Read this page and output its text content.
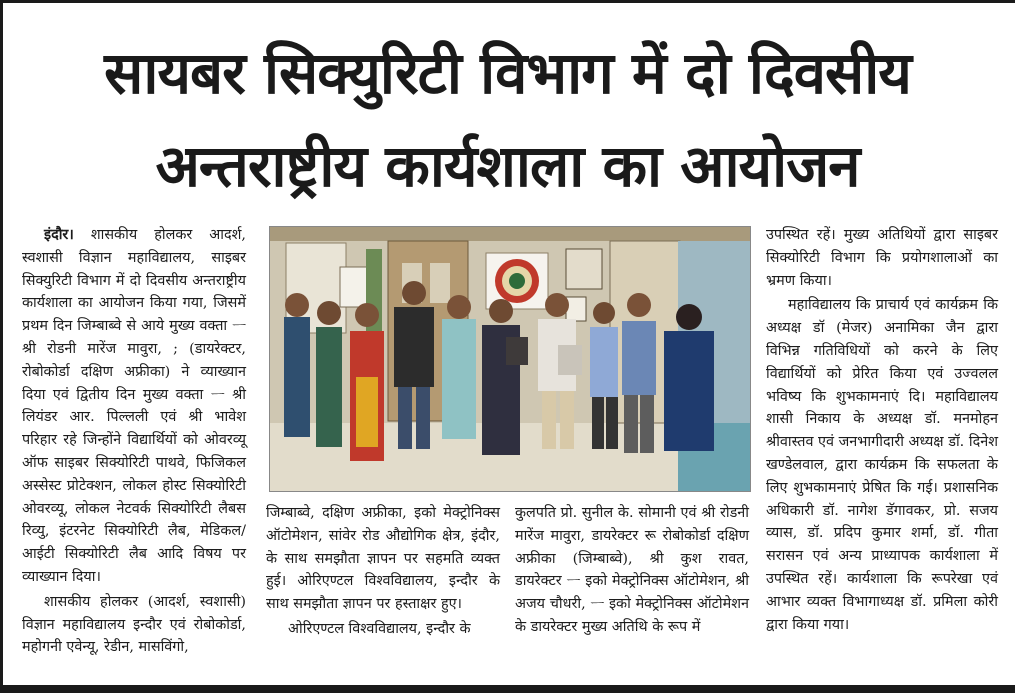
सायबर सिक्युरिटी विभाग में दो दिवसीय
अन्तराष्ट्रीय कार्यशाला का आयोजन

इंदौर। शासकीय होलकर आदर्श, स्वशासी विज्ञान महाविद्यालय, साइबर सिक्युरिटी विभाग में दो दिवसीय अन्तराष्ट्रीय कार्यशाला का आयोजन किया गया, जिसमें प्रथम दिन जिम्बाब्वे से आये मुख्य वक्ता ᅳ श्री रोडनी मारेंज मावुरा, ; (डायरेक्टर, रोबोकोर्डा दक्षिण अफ्रीका) ने व्याख्यान दिया एवं द्वितीय दिन मुख्य वक्ता ᅳ श्री लियंडर आर. पिल्लली एवं श्री भावेश परिहार रहे जिन्होंने विद्यार्थियों को ओवरव्यू ऑफ साइबर सिक्योरिटी पाथवे, फिजिकल अस्सेस्ट प्रोटेक्शन, लोकल होस्ट सिक्योरिटी ओवरव्यू, लोकल नेटवर्क सिक्योरिटी लैबस रिव्यु, इंटरनेट सिक्योरिटी लैब, मेडिकल/ आईटी सिक्योरिटी लैब आदि विषय पर व्याख्यान दिया।

शासकीय होलकर (आदर्श, स्वशासी) विज्ञान महाविद्यालय इन्दौर एवं रोबोकोर्डा, महोगनी एवेन्यू, रेडीन, मासविंगो,

जिम्बाब्वे, दक्षिण अफ्रीका, इको मेक्ट्रोनिक्स ऑटोमेशन, सांवेर रोड औद्योगिक क्षेत्र, इंदौर, के साथ समझौता ज्ञापन पर सहमति व्यक्त हुई। ओरिएण्टल विश्वविद्यालय, इन्दौर के साथ समझौता ज्ञापन पर हस्ताक्षर हुए।

ओरिएण्टल विश्वविद्यालय, इन्दौर के

कुलपति प्रो. सुनील के. सोमानी एवं श्री रोडनी मारेंज मावुरा, डायरेक्टर रू रोबोकोर्डा दक्षिण अफ्रीका (जिम्बाब्वे), श्री कुश रावत, डायरेक्टर ᅳ इको मेक्ट्रोनिक्स ऑटोमेशन, श्री अजय चौधरी, ᅳ इको मेक्ट्रोनिक्स ऑटोमेशन के डायरेक्टर मुख्य अतिथि के रूप में

उपस्थित रहें। मुख्य अतिथियों द्वारा साइबर सिक्योरिटी विभाग कि प्रयोगशालाओं का भ्रमण किया।

महाविद्यालय कि प्राचार्य एवं कार्यक्रम कि अध्यक्ष डॉ (मेजर) अनामिका जैन द्वारा विभिन्न गतिविधियों को करने के लिए विद्यार्थियों को प्रेरित किया एवं उज्वलल भविष्य कि शुभकामनाएं दि। महाविद्यालय शासी निकाय के अध्यक्ष डॉ. मनमोहन श्रीवास्तव एवं जनभागीदारी अध्यक्ष डॉ. दिनेश खण्डेलवाल, द्वारा कार्यक्रम कि सफलता के लिए शुभकामनाएं प्रेषित कि गई। प्रशासनिक अधिकारी डॉ. नागेश डॅगावकर, प्रो. सजय व्यास, डॉ. प्रदिप कुमार शर्मा, डॉ. गीता सरासन एवं अन्य प्राध्यापक कार्यशाला में उपस्थित रहें। कार्यशाला कि रूपरेखा एवं आभार व्यक्त विभागाध्यक्ष डॉ. प्रमिला कोरी द्वारा किया गया।
